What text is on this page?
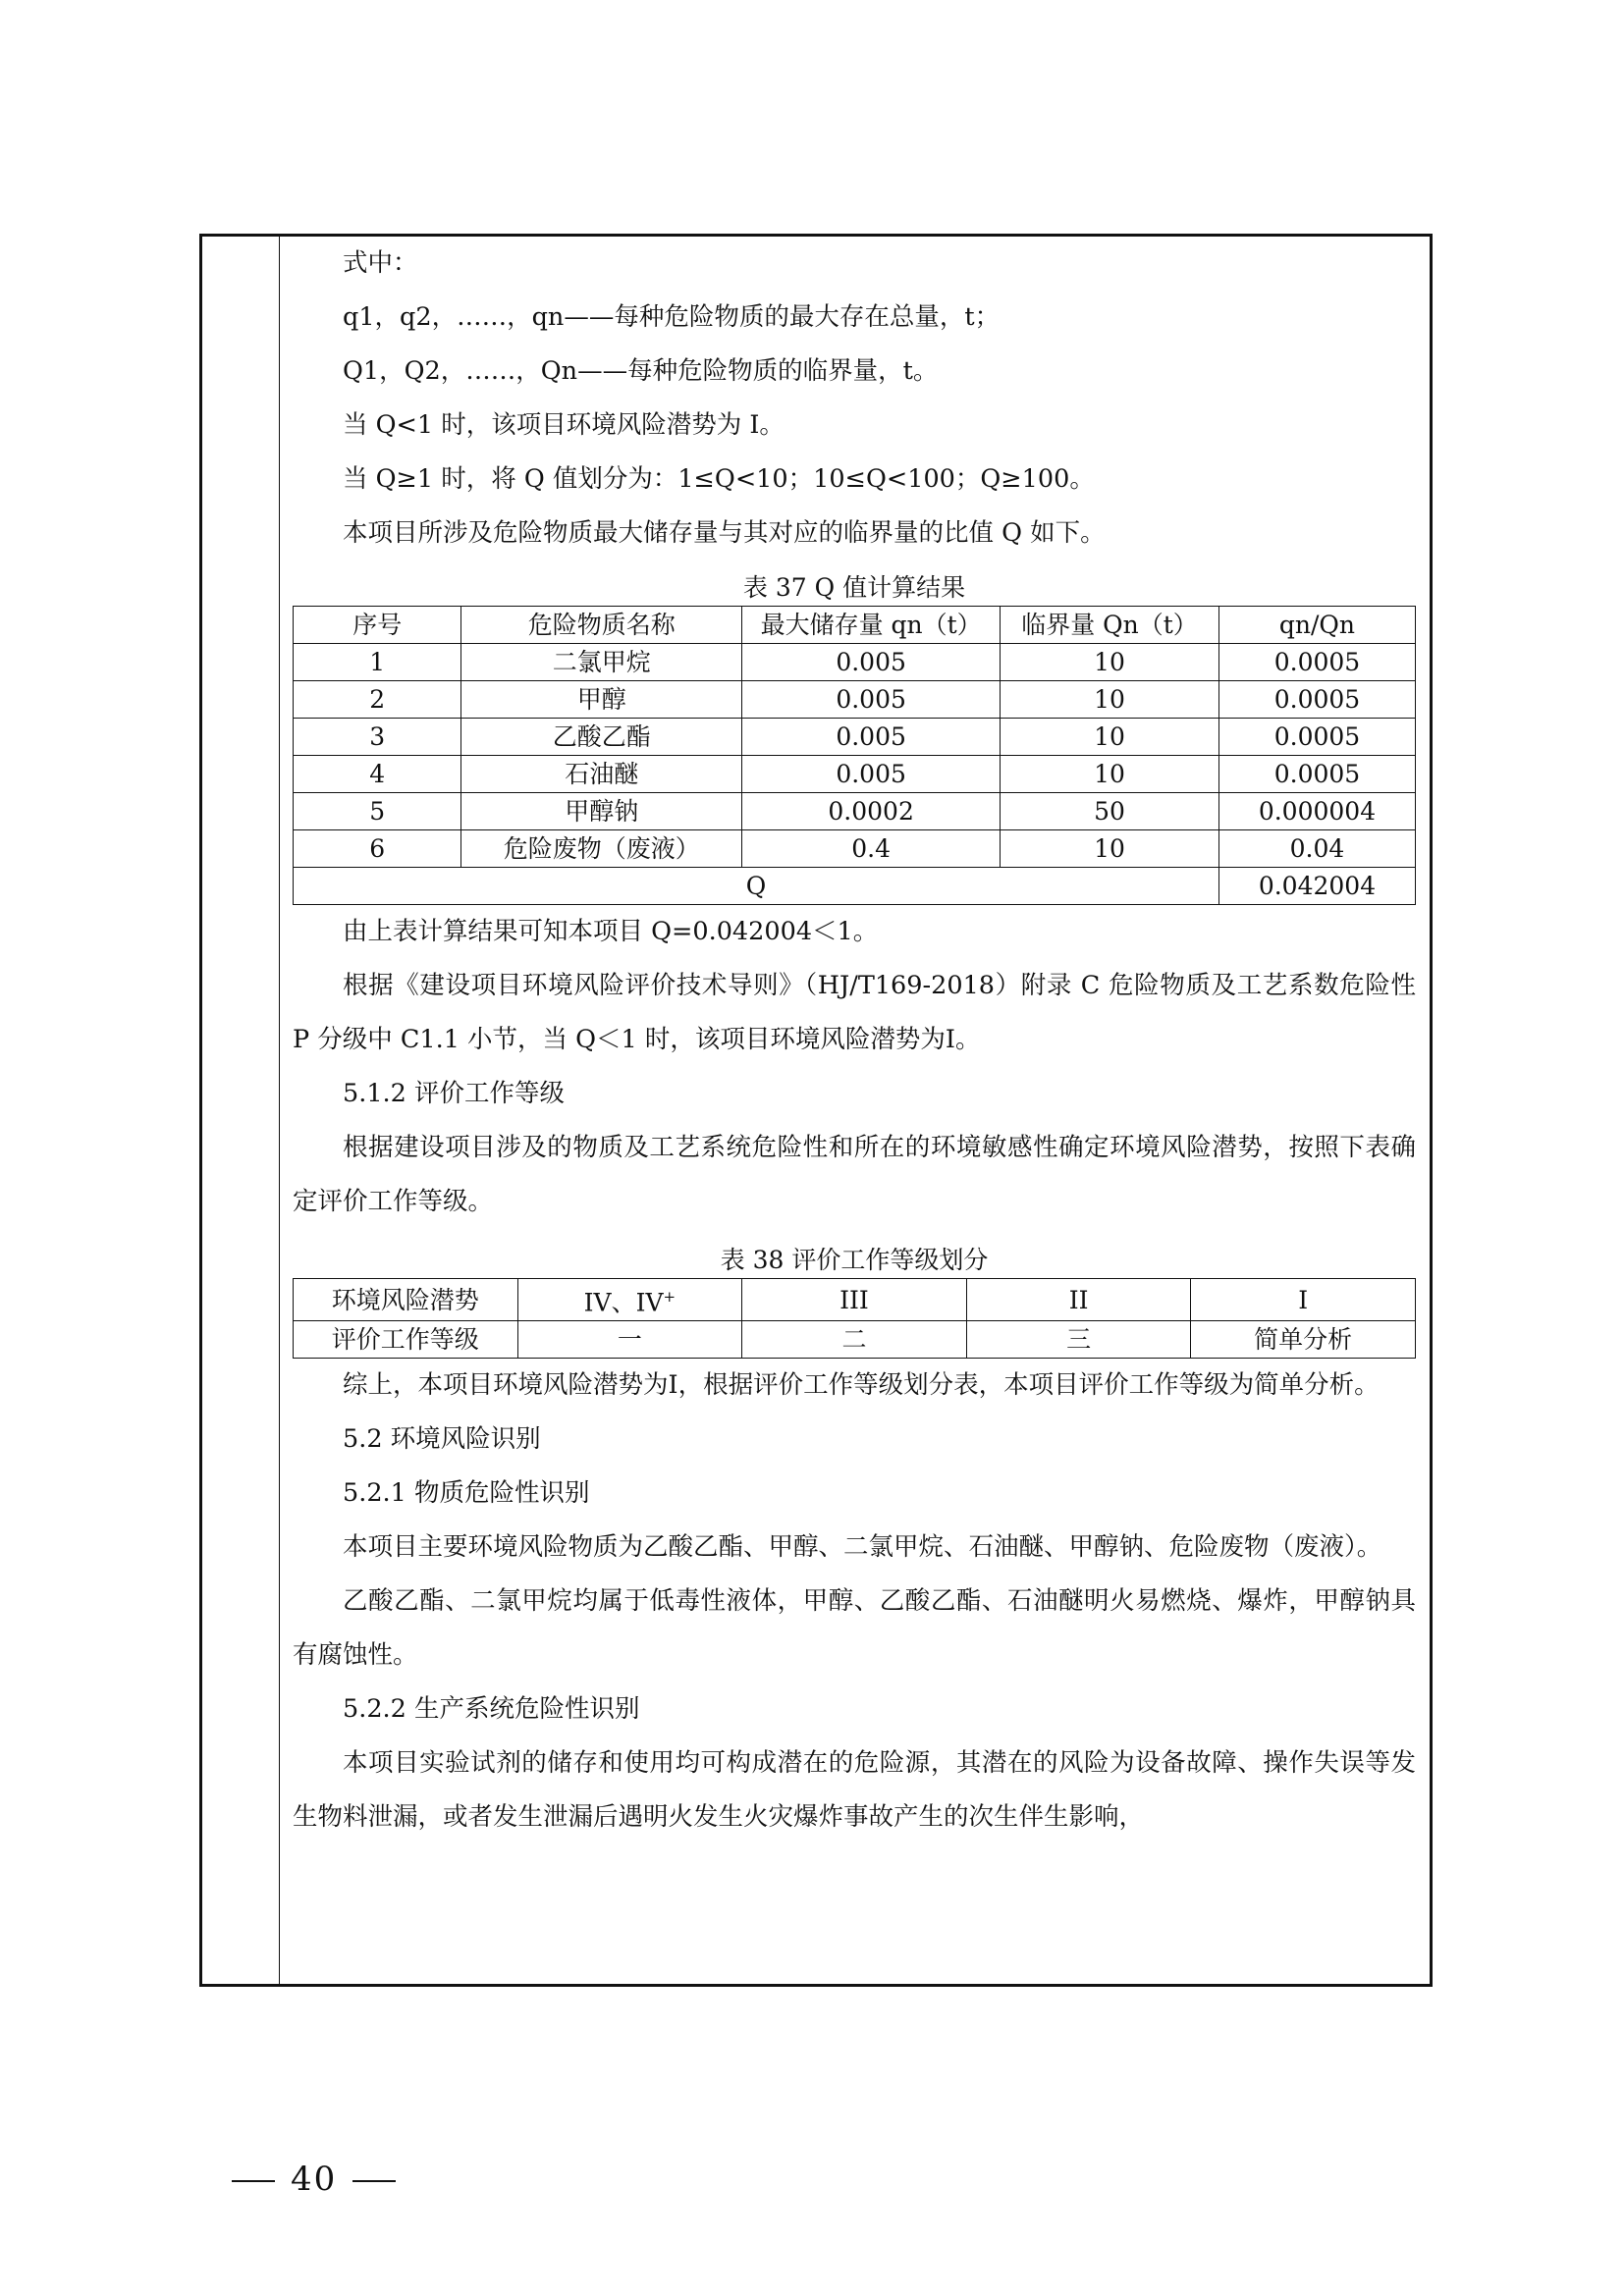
式中：

q1，q2，……，qn——每种危险物质的最大存在总量，t；

Q1，Q2，……，Qn——每种危险物质的临界量，t。

当 Q<1 时，该项目环境风险潜势为 I。

当 Q≥1 时，将 Q 值划分为：1≤Q<10；10≤Q<100；Q≥100。

本项目所涉及危险物质最大储存量与其对应的临界量的比值 Q 如下。

表 37 Q 值计算结果
序号	危险物质名称	最大储存量 qn（t）	临界量 Qn（t）	qn/Qn
1	二氯甲烷	0.005	10	0.0005
2	甲醇	0.005	10	0.0005
3	乙酸乙酯	0.005	10	0.0005
4	石油醚	0.005	10	0.0005
5	甲醇钠	0.0002	50	0.000004
6	危险废物（废液）	0.4	10	0.04
Q				0.042004

由上表计算结果可知本项目 Q=0.042004＜1。

根据《建设项目环境风险评价技术导则》（HJ/T169-2018）附录 C 危险物质及工艺系数危险性 P 分级中 C1.1 小节，当 Q＜1 时，该项目环境风险潜势为I。

5.1.2 评价工作等级

根据建设项目涉及的物质及工艺系统危险性和所在的环境敏感性确定环境风险潜势，按照下表确定评价工作等级。

表 38 评价工作等级划分
环境风险潜势	IV、IV+	III	II	I
评价工作等级	一	二	三	简单分析

综上，本项目环境风险潜势为I，根据评价工作等级划分表，本项目评价工作等级为简单分析。

5.2 环境风险识别

5.2.1 物质危险性识别

本项目主要环境风险物质为乙酸乙酯、甲醇、二氯甲烷、石油醚、甲醇钠、危险废物（废液）。

乙酸乙酯、二氯甲烷均属于低毒性液体，甲醇、乙酸乙酯、石油醚明火易燃烧、爆炸，甲醇钠具有腐蚀性。

5.2.2 生产系统危险性识别

本项目实验试剂的储存和使用均可构成潜在的危险源，其潜在的风险为设备故障、操作失误等发生物料泄漏，或者发生泄漏后遇明火发生火灾爆炸事故产生的次生伴生影响，

40
